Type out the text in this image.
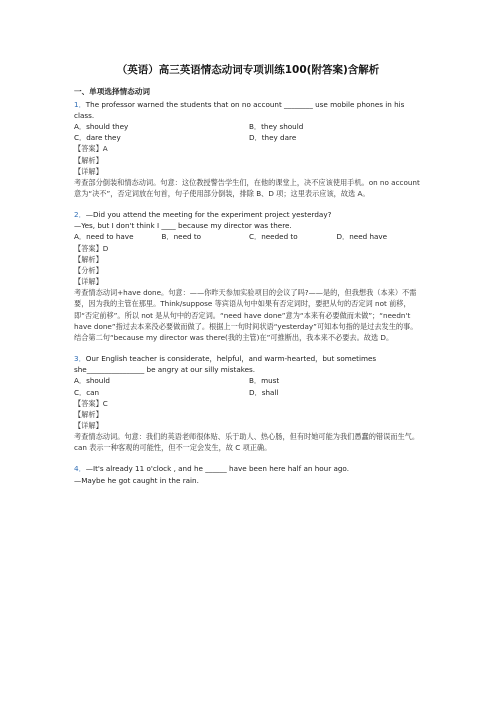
（英语）高三英语情态动词专项训练100(附答案)含解析
一、单项选择情态动词
1．The professor warned the students that on no account ________ use mobile phones in his class.
A．should they	B．they should
C．dare they	D．they dare
【答案】A
【解析】
【详解】
考查部分倒装和情态动词。句意：这位教授警告学生们，在他的课堂上，决不应该使用手机。on no account 意为“决不”，否定词放在句首，句子使用部分倒装，排除 B、D 项；这里表示应该，故选 A。
2．—Did you attend the meeting for the experiment project yesterday?
—Yes, but I don't think I ____ because my director was there.
A．need to have	B．need to	C．needed to	D．need have
【答案】D
【解析】
【分析】
【详解】
考查情态动词+have done。句意：——你昨天参加实验项目的会议了吗?——是的，但我想我（本来）不需要，因为我的主管在那里。Think/suppose 等宾语从句中如果有否定词时，要把从句的否定词 not 前移，即“否定前移”。所以 not 是从句中的否定词。“need have done”意为“本来有必要做而未做”；“needn't have done”指过去本来没必要做而做了。根据上一句时间状语“yesterday”可知本句指的是过去发生的事。结合第二句“because my director was there(我的主管)在”可推断出，我本来不必要去。故选 D。
3．Our English teacher is considerate，helpful，and warm-hearted，but sometimes she________________ be angry at our silly mistakes.
A．should	B．must
C．can	D．shall
【答案】C
【解析】
【详解】
考查情态动词。句意：我们的英语老师很体贴、乐于助人、热心肠，但有时她可能为我们愚蠢的错误而生气。can 表示一种客观的可能性，但不一定会发生，故 C 项正确。
4．—It's already 11 o'clock , and he ______ have been here half an hour ago.
—Maybe he got caught in the rain.
